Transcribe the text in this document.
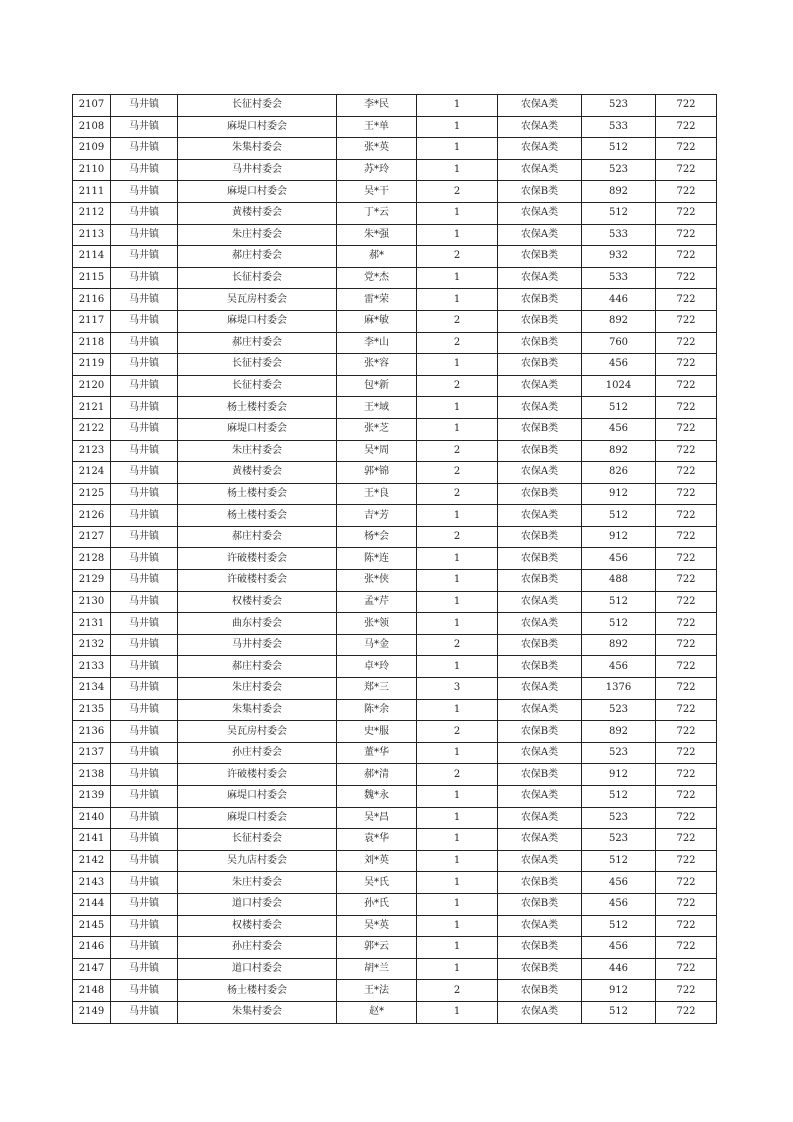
2107	马井镇	长征村委会	李*民	1	农保A类	523	722
2108	马井镇	麻堤口村委会	王*单	1	农保A类	533	722
2109	马井镇	朱集村委会	张*英	1	农保A类	512	722
2110	马井镇	马井村委会	苏*玲	1	农保A类	523	722
2111	马井镇	麻堤口村委会	吴*干	2	农保B类	892	722
2112	马井镇	黄楼村委会	丁*云	1	农保A类	512	722
2113	马井镇	朱庄村委会	朱*强	1	农保A类	533	722
2114	马井镇	郝庄村委会	郝*	2	农保B类	932	722
2115	马井镇	长征村委会	党*杰	1	农保A类	533	722
2116	马井镇	吴瓦房村委会	雷*荣	1	农保B类	446	722
2117	马井镇	麻堤口村委会	麻*敏	2	农保B类	892	722
2118	马井镇	郝庄村委会	李*山	2	农保B类	760	722
2119	马井镇	长征村委会	张*容	1	农保B类	456	722
2120	马井镇	长征村委会	包*新	2	农保A类	1024	722
2121	马井镇	杨土楼村委会	王*域	1	农保A类	512	722
2122	马井镇	麻堤口村委会	张*芝	1	农保B类	456	722
2123	马井镇	朱庄村委会	吴*周	2	农保B类	892	722
2124	马井镇	黄楼村委会	郭*锦	2	农保A类	826	722
2125	马井镇	杨土楼村委会	王*良	2	农保B类	912	722
2126	马井镇	杨土楼村委会	吉*芳	1	农保A类	512	722
2127	马井镇	郝庄村委会	杨*会	2	农保B类	912	722
2128	马井镇	许破楼村委会	陈*连	1	农保B类	456	722
2129	马井镇	许破楼村委会	张*侠	1	农保B类	488	722
2130	马井镇	权楼村委会	孟*芹	1	农保A类	512	722
2131	马井镇	曲东村委会	张*领	1	农保A类	512	722
2132	马井镇	马井村委会	马*金	2	农保B类	892	722
2133	马井镇	郝庄村委会	卓*玲	1	农保B类	456	722
2134	马井镇	朱庄村委会	郑*三	3	农保A类	1376	722
2135	马井镇	朱集村委会	陈*余	1	农保A类	523	722
2136	马井镇	吴瓦房村委会	史*服	2	农保B类	892	722
2137	马井镇	孙庄村委会	董*华	1	农保A类	523	722
2138	马井镇	许破楼村委会	郝*清	2	农保B类	912	722
2139	马井镇	麻堤口村委会	魏*永	1	农保A类	512	722
2140	马井镇	麻堤口村委会	吴*昌	1	农保A类	523	722
2141	马井镇	长征村委会	袁*华	1	农保A类	523	722
2142	马井镇	吴九店村委会	刘*英	1	农保A类	512	722
2143	马井镇	朱庄村委会	吴*氏	1	农保B类	456	722
2144	马井镇	道口村委会	孙*氏	1	农保B类	456	722
2145	马井镇	权楼村委会	吴*英	1	农保A类	512	722
2146	马井镇	孙庄村委会	郭*云	1	农保B类	456	722
2147	马井镇	道口村委会	胡*兰	1	农保B类	446	722
2148	马井镇	杨土楼村委会	王*法	2	农保B类	912	722
2149	马井镇	朱集村委会	赵*	1	农保A类	512	722
